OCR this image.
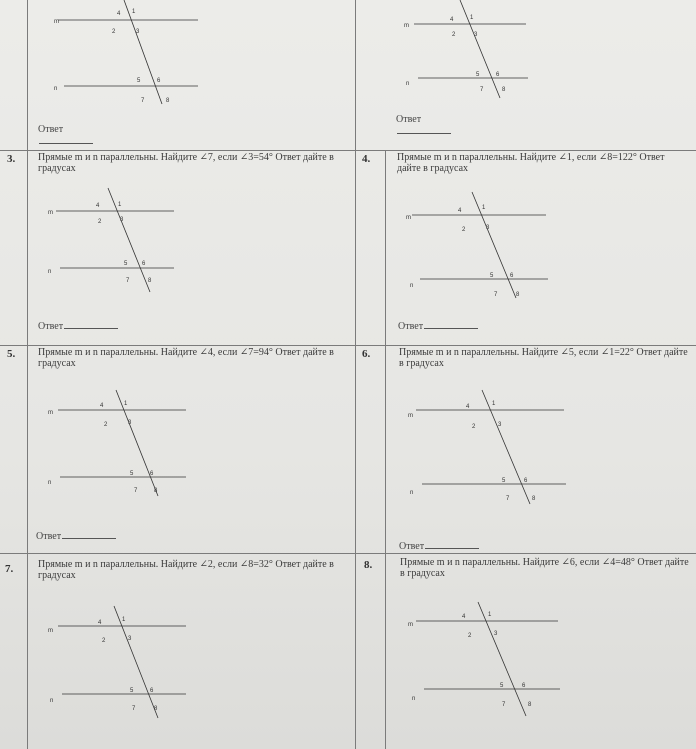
m
n
4 1
2	3
5	6
7	8
Ответ
m
n
4	1
2	3
5	6
7	8
Ответ
3. Прямые m и n параллельны. Найдите ∠7, если ∠3=54° Ответ дайте в градусах
m
n
4	1
2	3
5 6
7	8
Ответ
4.	Прямые m и n параллельны. Найдите ∠1, если ∠8=122° Ответ дайте в градусах
m
n
4	1
2	3
5	6
7	8
Ответ
5. Прямые m и n параллельны. Найдите ∠4, если ∠7=94° Ответ дайте в градусах
m
n
4	1
2	3
5	6
7	8
Ответ
6.	Прямые m и n параллельны. Найдите ∠5, если ∠1=22° Ответ дайте в градусах
m
n
4	1
2	3
5	6
7	8
Ответ
7. Прямые m и n параллельны. Найдите ∠2, если ∠8=32° Ответ дайте в градусах
m
n
4	1
2	3
5	6
7	8
8.	Прямые m и n параллельны. Найдите ∠6, если ∠4=48° Ответ дайте в градусах
m
n
4	1
2	3
5	6
7	8
